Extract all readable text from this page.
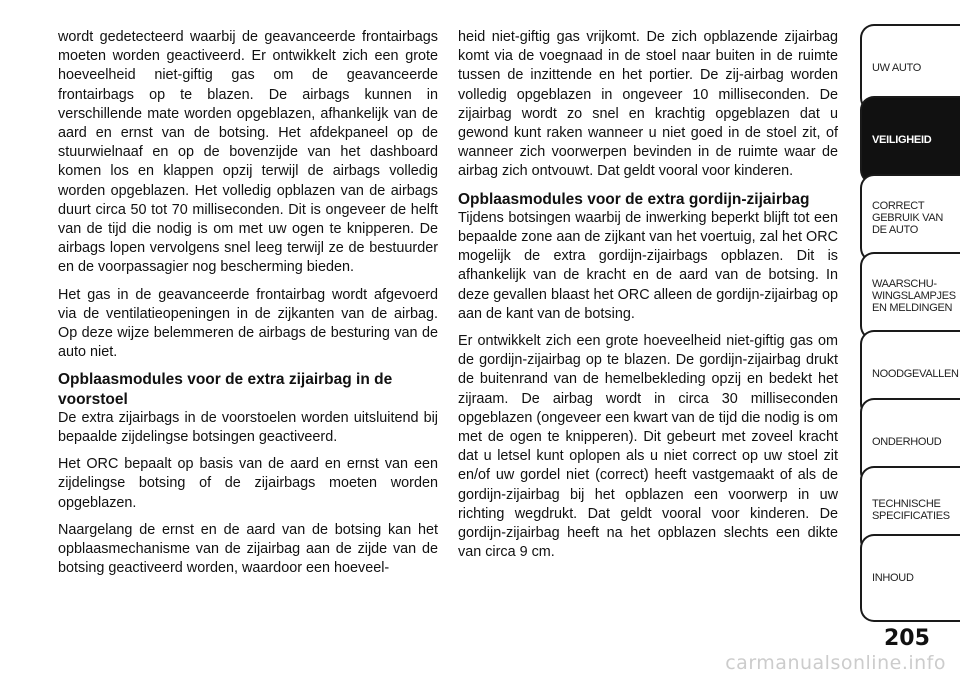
wordt gedetecteerd waarbij de geavanceerde frontairbags moeten worden geactiveerd. Er ontwikkelt zich een grote hoeveelheid niet-giftig gas om de geavanceerde frontairbags op te blazen. De airbags kunnen in verschillende mate worden opgeblazen, afhankelijk van de aard en ernst van de botsing. Het afdekpaneel op de stuurwielnaaf en op de bovenzijde van het dashboard komen los en klappen opzij terwijl de airbags volledig worden opgeblazen. Het volledig opblazen van de airbags duurt circa 50 tot 70 milliseconden. Dit is ongeveer de helft van de tijd die nodig is om met uw ogen te knipperen. De airbags lopen vervolgens snel leeg terwijl ze de bestuurder en de voorpassagier nog bescherming bieden.

Het gas in de geavanceerde frontairbag wordt afgevoerd via de ventilatieopeningen in de zijkanten van de airbag. Op deze wijze belemmeren de airbags de besturing van de auto niet.

Opblaasmodules voor de extra zijairbag in de voorstoel

De extra zijairbags in de voorstoelen worden uitsluitend bij bepaalde zijdelingse botsingen geactiveerd.

Het ORC bepaalt op basis van de aard en ernst van een zijdelingse botsing of de zijairbags moeten worden opgeblazen.

Naargelang de ernst en de aard van de botsing kan het opblaasmechanisme van de zijairbag aan de zijde van de botsing geactiveerd worden, waardoor een hoeveel-

heid niet-giftig gas vrijkomt. De zich opblazende zijairbag komt via de voegnaad in de stoel naar buiten in de ruimte tussen de inzittende en het portier. De zij-airbag worden volledig opgeblazen in ongeveer 10 milliseconden. De zijairbag wordt zo snel en krachtig opgeblazen dat u gewond kunt raken wanneer u niet goed in de stoel zit, of wanneer zich voorwerpen bevinden in de ruimte waar de airbag zich ontvouwt. Dat geldt vooral voor kinderen.

Opblaasmodules voor de extra gordijn-zijairbag

Tijdens botsingen waarbij de inwerking beperkt blijft tot een bepaalde zone aan de zijkant van het voertuig, zal het ORC mogelijk de extra gordijn-zijairbags opblazen. Dit is afhankelijk van de kracht en de aard van de botsing. In deze gevallen blaast het ORC alleen de gordijn-zijairbag op aan de kant van de botsing.

Er ontwikkelt zich een grote hoeveelheid niet-giftig gas om de gordijn-zijairbag op te blazen. De gordijn-zijairbag drukt de buitenrand van de hemelbekleding opzij en bedekt het zijraam. De airbag wordt in circa 30 milliseconden opgeblazen (ongeveer een kwart van de tijd die nodig is om met de ogen te knipperen). Dit gebeurt met zoveel kracht dat u letsel kunt oplopen als u niet correct op uw stoel zit en/of uw gordel niet (correct) heeft vastgemaakt of als de gordijn-zijairbag bij het opblazen een voorwerp in uw richting wegdrukt. Dat geldt vooral voor kinderen. De gordijn-zijairbag heeft na het opblazen slechts een dikte van circa 9 cm.

UW AUTO
VEILIGHEID
CORRECT GEBRUIK VAN DE AUTO
WAARSCHU-WINGSLAMPJES EN MELDINGEN
NOODGEVALLEN
ONDERHOUD
TECHNISCHE SPECIFICATIES
INHOUD
205
carmanualsonline.info
